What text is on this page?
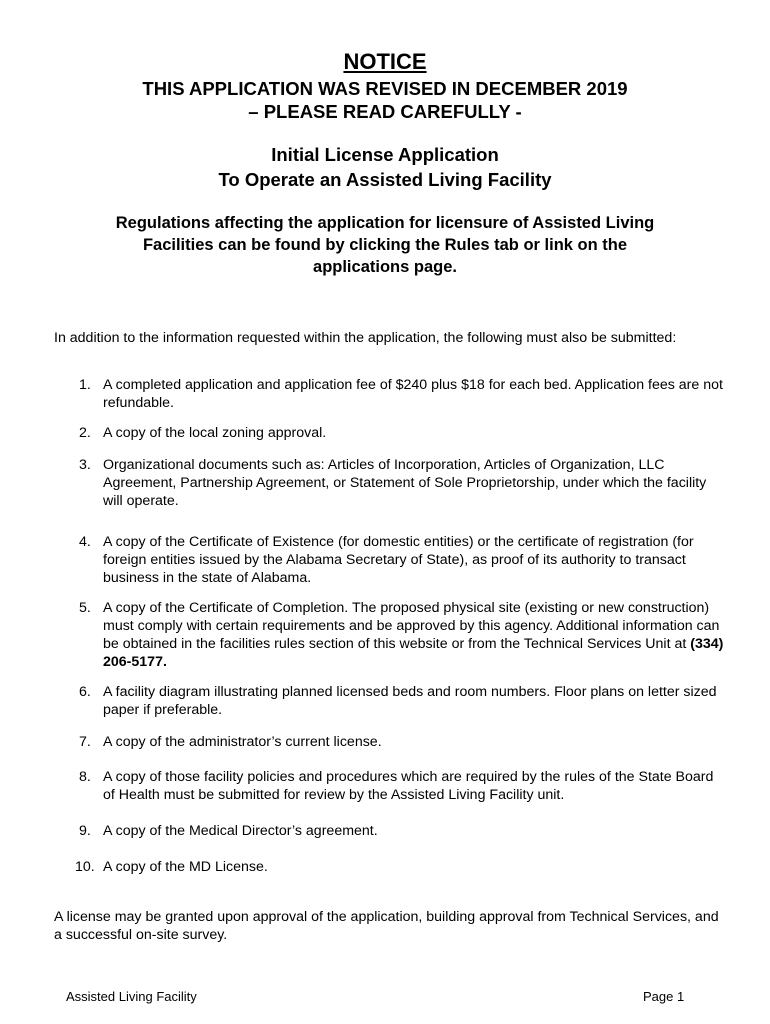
NOTICE
THIS APPLICATION WAS REVISED IN DECEMBER 2019
– PLEASE READ CAREFULLY -
Initial License Application
To Operate an Assisted Living Facility
Regulations affecting the application for licensure of Assisted Living
Facilities can be found by clicking the Rules tab or link on the
applications page.
In addition to the information requested within the application, the following must also be submitted:
1. A completed application and application fee of $240 plus $18 for each bed. Application fees are not refundable.
2. A copy of the local zoning approval.
3. Organizational documents such as: Articles of Incorporation, Articles of Organization, LLC Agreement, Partnership Agreement, or Statement of Sole Proprietorship, under which the facility will operate.
4. A copy of the Certificate of Existence (for domestic entities) or the certificate of registration (for foreign entities issued by the Alabama Secretary of State), as proof of its authority to transact business in the state of Alabama.
5. A copy of the Certificate of Completion. The proposed physical site (existing or new construction) must comply with certain requirements and be approved by this agency. Additional information can be obtained in the facilities rules section of this website or from the Technical Services Unit at (334) 206-5177.
6. A facility diagram illustrating planned licensed beds and room numbers. Floor plans on letter sized paper if preferable.
7. A copy of the administrator’s current license.
8. A copy of those facility policies and procedures which are required by the rules of the State Board of Health must be submitted for review by the Assisted Living Facility unit.
9. A copy of the Medical Director’s agreement.
10. A copy of the MD License.
A license may be granted upon approval of the application, building approval from Technical Services, and a successful on-site survey.
Assisted Living Facility	Page 1
